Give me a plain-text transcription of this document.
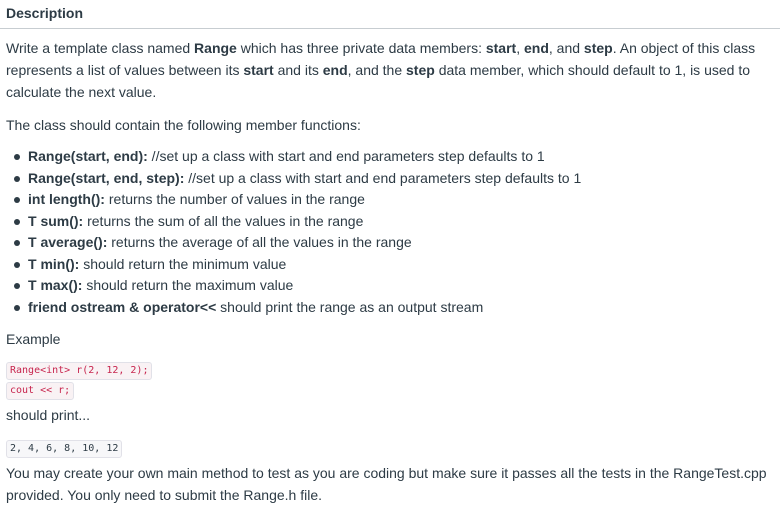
Description

Write a template class named Range which has three private data members: start, end, and step. An object of this class represents a list of values between its start and its end, and the step data member, which should default to 1, is used to calculate the next value.

The class should contain the following member functions:

Range(start, end): //set up a class with start and end parameters step defaults to 1
Range(start, end, step): //set up a class with start and end parameters step defaults to 1
int length(): returns the number of values in the range
T sum(): returns the sum of all the values in the range
T average(): returns the average of all the values in the range
T min(): should return the minimum value
T max(): should return the maximum value
friend ostream & operator<< should print the range as an output stream

Example

Range<int> r(2, 12, 2);
cout << r;

should print...

2, 4, 6, 8, 10, 12

You may create your own main method to test as you are coding but make sure it passes all the tests in the RangeTest.cpp provided. You only need to submit the Range.h file.
